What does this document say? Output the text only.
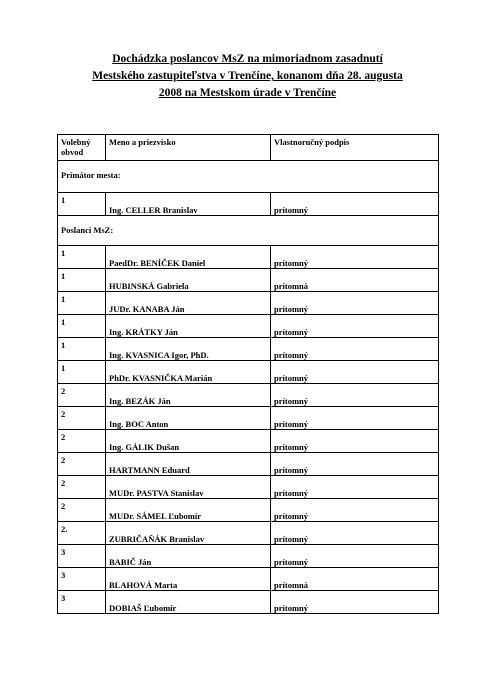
Dochádzka poslancov MsZ na mimoriadnom zasadnutí
Mestského zastupiteľstva v Trenčíne, konanom dňa 28. augusta
2008 na Mestskom úrade v Trenčíne
Volebný obvod	Meno a priezvisko	Vlastnoručný podpis
Primátor mesta:		

1	Ing. CELLER Branislav	prítomný

Poslanci MsZ:		

1	PaedDr. BENÍČEK Daniel	prítomný

1	HUBINSKÁ Gabriela	prítomná

1	JUDr. KANABA Ján	prítomný

1	Ing. KRÁTKY Ján	prítomný

1	Ing. KVASNICA Igor, PhD.	prítomný

1	PhDr. KVASNIČKA Marián	prítomný

2	Ing. BEZÁK Ján	prítomný

2	Ing. BOC Anton	prítomný

2	Ing. GÁLIK Dušan	prítomný

2	HARTMANN Eduard	prítomný

2	MUDr. PASTVA Stanislav	prítomný

2	MUDr. SÁMEL Ľubomír	prítomný

2.	ZUBRIČAŇÁK Branislav	prítomný

3	BABIČ Ján	prítomný

3	BLAHOVÁ Marta	prítomná

3	DOBIAŠ Ľubomír	prítomný
